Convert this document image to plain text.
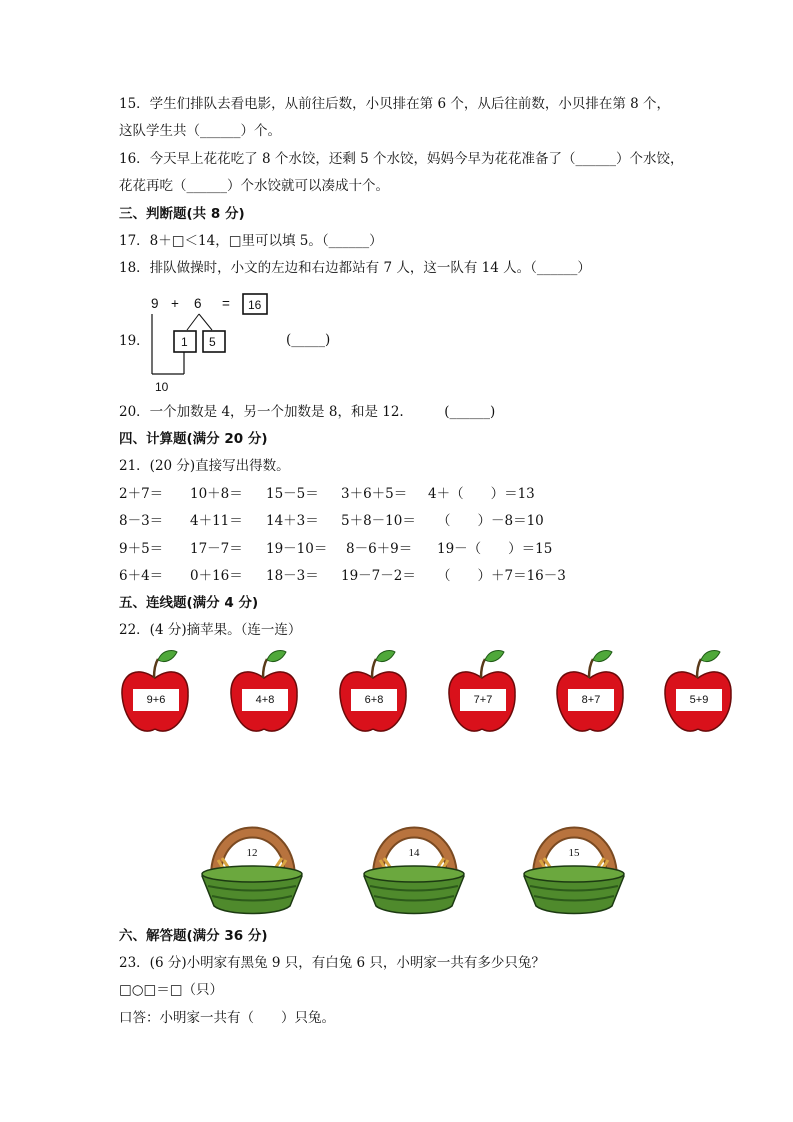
15．学生们排队去看电影，从前往后数，小贝排在第 6 个，从后往前数，小贝排在第 8 个，
这队学生共（______）个。
16．今天早上花花吃了 8 个水饺，还剩 5 个水饺，妈妈今早为花花准备了（______）个水饺，
花花再吃（______）个水饺就可以凑成十个。
三、判断题(共 8 分)
17．8＋□＜14，□里可以填 5。（______）
18．排队做操时，小文的左边和右边都站有 7 人，这一队有 14 人。（______）
9 + 6 = 16
1 5
10
19．	(_____)
20．一个加数是 4，另一个加数是 8，和是 12.　　　(______)
四、计算题(满分 20 分)
21．(20 分)直接写出得数。
2＋7＝ 10＋8＝ 15－5＝ 3＋6＋5＝ 4＋（　　）＝13
8－3＝ 4＋11＝ 14＋3＝ 5＋8－10＝ （　　）－8＝10
9＋5＝ 17－7＝ 19－10＝ 8－6＋9＝ 19－（　　）＝15
6＋4＝ 0＋16＝ 18－3＝ 19－7－2＝ （　　）＋7＝16－3
五、连线题(满分 4 分)
22．(4 分)摘苹果。（连一连）
9+6	4+8	6+8	7+7	8+7	5+9
12	14	15
六、解答题(满分 36 分)
23．(6 分)小明家有黑兔 9 只，有白兔 6 只，小明家一共有多少只兔？
□○□＝□（只）
口答：小明家一共有（　　）只兔。
